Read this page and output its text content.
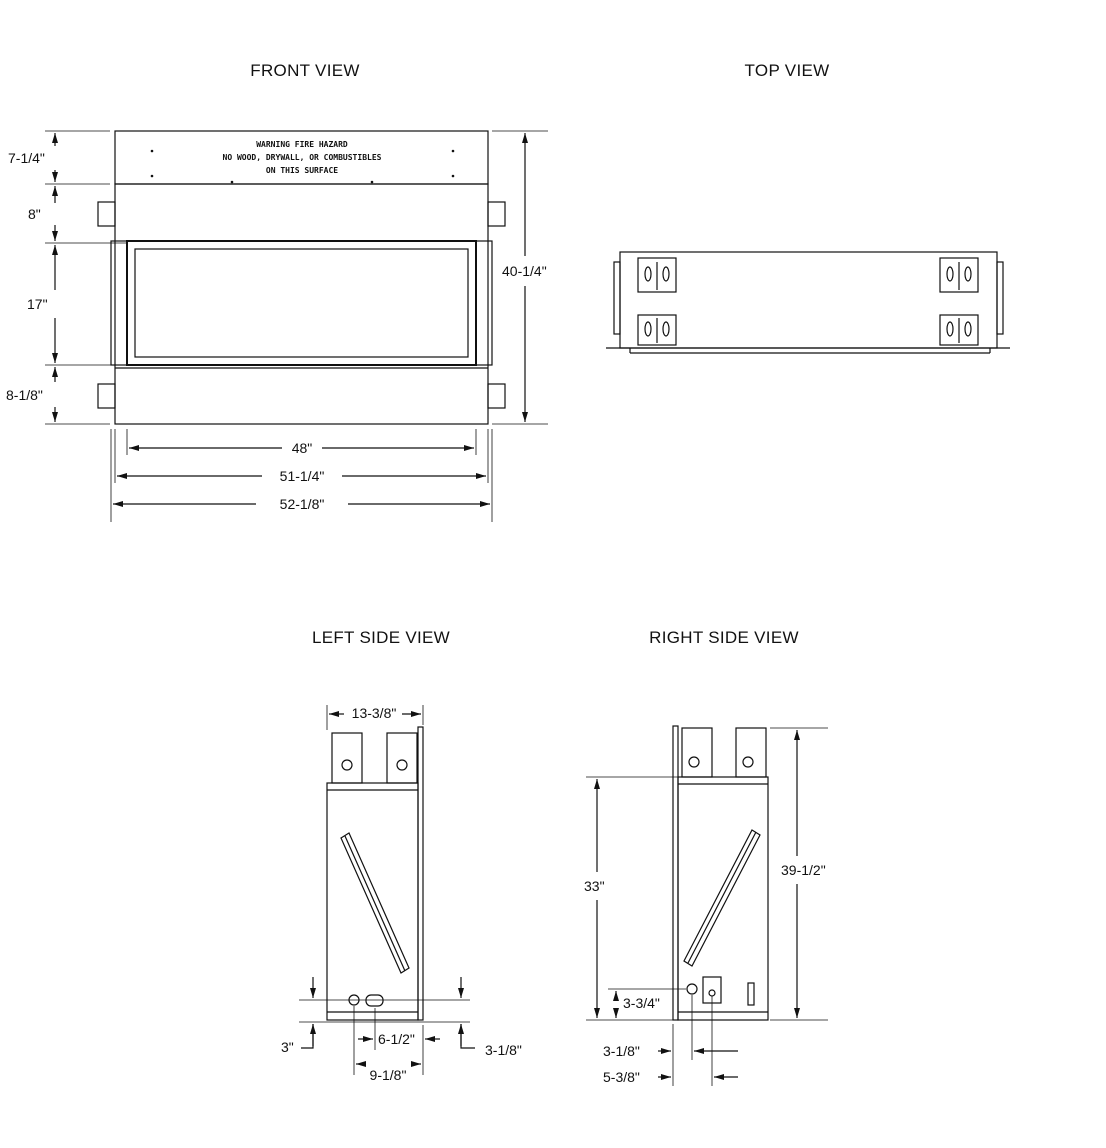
FRONT VIEW	TOP VIEW
LEFT SIDE VIEW	RIGHT SIDE VIEW
WARNING FIRE HAZARD
NO WOOD, DRYWALL, OR COMBUSTIBLES
ON THIS SURFACE
7-1/4"
8"
17"
8-1/8"
40-1/4"
48"
51-1/4"
52-1/8"
13-3/8"
3"	6-1/2"
3-1/8"
9-1/8"
33"
39-1/2"
3-3/4"
3-1/8"
5-3/8"
